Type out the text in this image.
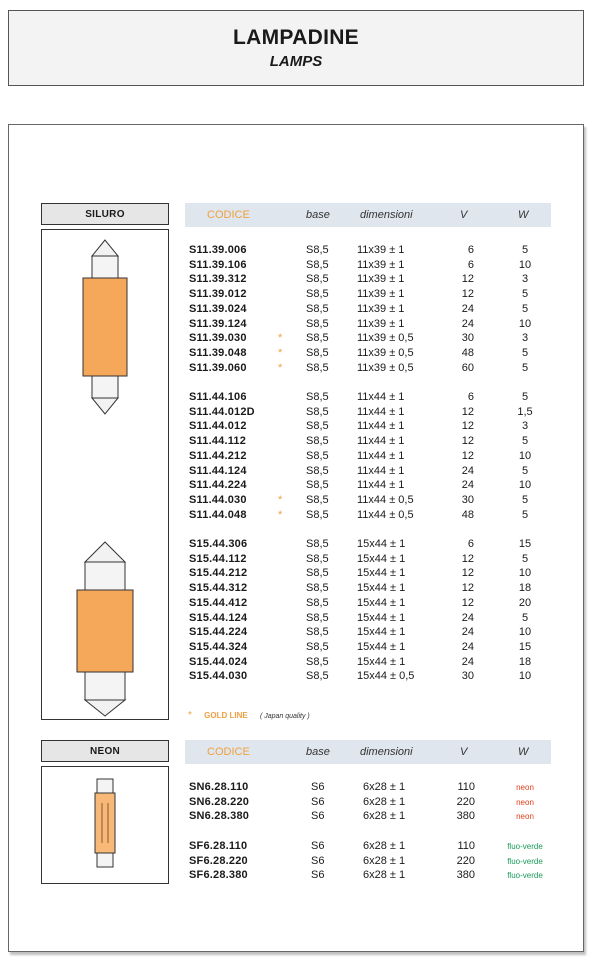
LAMPADINE
LAMPS
SILURO	CODICE	base	dimensioni	V	W
S11.39.006	S8,5	11x39 ± 1	6	5
S11.39.106	S8,5	11x39 ± 1	6	10
S11.39.312	S8,5	11x39 ± 1	12	3
S11.39.012	S8,5	11x39 ± 1	12	5
S11.39.024	S8,5	11x39 ± 1	24	5
S11.39.124	S8,5	11x39 ± 1	24	10
S11.39.030	* S8,5	11x39 ± 0,5	30	3
S11.39.048	* S8,5	11x39 ± 0,5	48	5
S11.39.060	* S8,5	11x39 ± 0,5	60	5
S11.44.106	S8,5	11x44 ± 1	6	5
S11.44.012D	S8,5	11x44 ± 1	12	1,5
S11.44.012	S8,5	11x44 ± 1	12	3
S11.44.112	S8,5	11x44 ± 1	12	5
S11.44.212	S8,5	11x44 ± 1	12	10
S11.44.124	S8,5	11x44 ± 1	24	5
S11.44.224	S8,5	11x44 ± 1	24	10
S11.44.030	* S8,5	11x44 ± 0,5	30	5
S11.44.048	* S8,5	11x44 ± 0,5	48	5
S15.44.306	S8,5	15x44 ± 1	6	15
S15.44.112	S8,5	15x44 ± 1	12	5
S15.44.212	S8,5	15x44 ± 1	12	10
S15.44.312	S8,5	15x44 ± 1	12	18
S15.44.412	S8,5	15x44 ± 1	12	20
S15.44.124	S8,5	15x44 ± 1	24	5
S15.44.224	S8,5	15x44 ± 1	24	10
S15.44.324	S8,5	15x44 ± 1	24	15
S15.44.024	S8,5	15x44 ± 1	24	18
S15.44.030	S8,5	15x44 ± 0,5	30	10
* GOLD LINE ( Japan quality )
NEON	CODICE	base	dimensioni	V	W
SN6.28.110	S6	6x28 ± 1	110	neon
SN6.28.220	S6	6x28 ± 1	220	neon
SN6.28.380	S6	6x28 ± 1	380	neon
SF6.28.110	S6	6x28 ± 1	110	fluo-verde
SF6.28.220	S6	6x28 ± 1	220	fluo-verde
SF6.28.380	S6	6x28 ± 1	380	fluo-verde
